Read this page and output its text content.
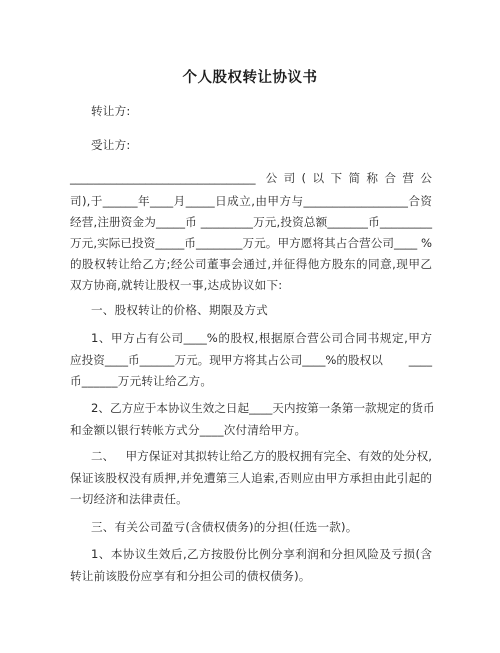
个人股权转让协议书
转让方:
受让方:
________________________________ 公司(以下简称合营公
司),于______年____月_____日成立,由甲方与__________________合资
经营,注册资金为_____币 _________万元,投资总额_______币_________
万元,实际已投资_____币________万元。甲方愿将其占合营公司____ %
的股权转让给乙方;经公司董事会通过,并征得他方股东的同意,现甲乙
双方协商,就转让股权一事,达成协议如下:
一、股权转让的价格、期限及方式
1、甲方占有公司____%的股权,根据原合营公司合同书规定,甲方
应投资____币______万元。现甲方将其占公司____%的股权以       ____
币______万元转让给乙方。
2、乙方应于本协议生效之日起____天内按第一条第一款规定的货币
和金额以银行转帐方式分____次付清给甲方。
二、   甲方保证对其拟转让给乙方的股权拥有完全、有效的处分权,
保证该股权没有质押,并免遭第三人追索,否则应由甲方承担由此引起的
一切经济和法律责任。
三、有关公司盈亏(含债权债务)的分担(任选一款)。
1、本协议生效后,乙方按股份比例分享利润和分担风险及亏损(含
转让前该股份应享有和分担公司的债权债务)。
